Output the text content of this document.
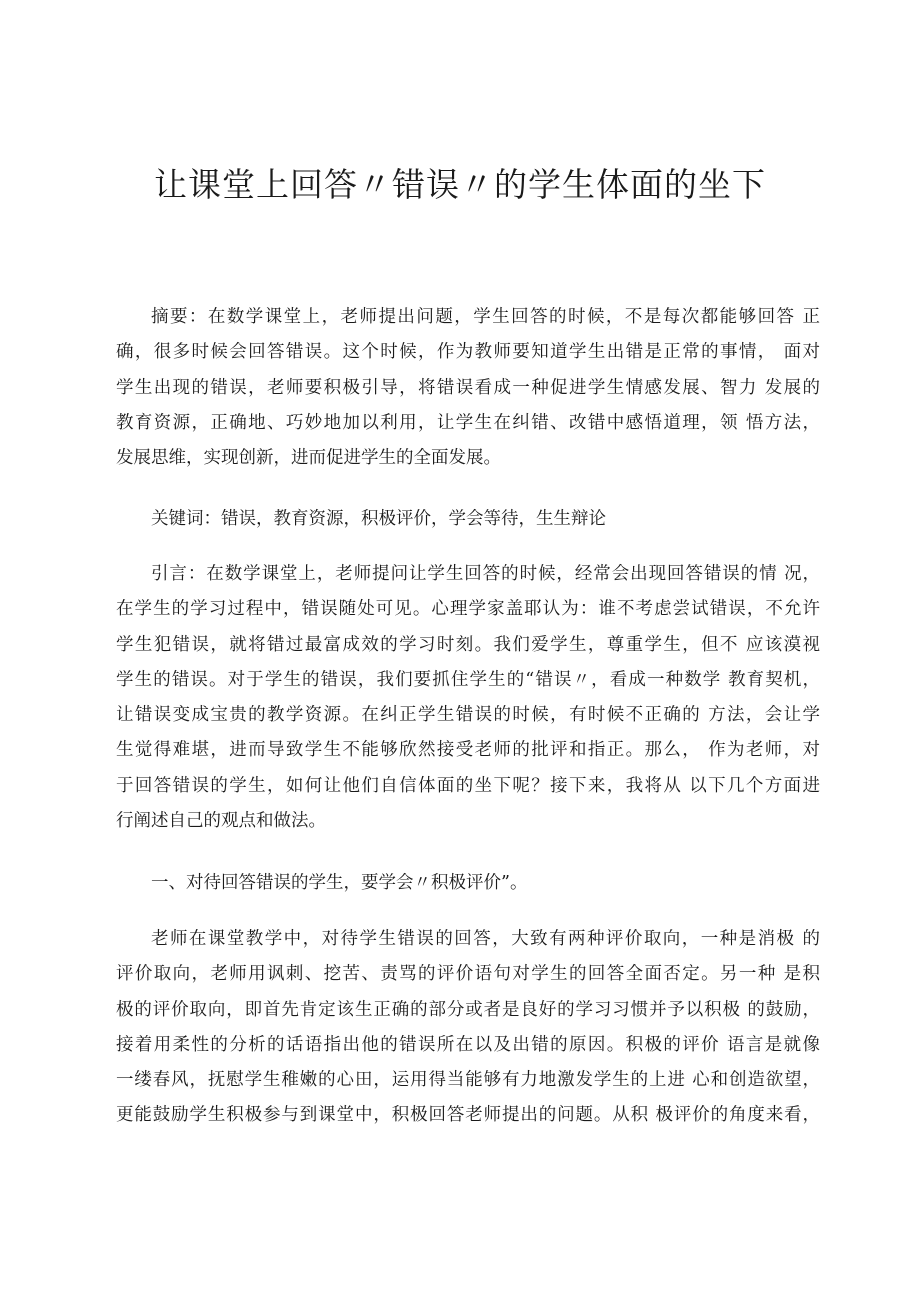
让课堂上回答〃错误〃的学生体面的坐下
摘要：在数学课堂上，老师提出问题，学生回答的时候，不是每次都能够回答 正
确，很多时候会回答错误。这个时候，作为教师要知道学生出错是正常的事情， 面对
学生出现的错误，老师要积极引导，将错误看成一种促进学生情感发展、智力 发展的
教育资源，正确地、巧妙地加以利用，让学生在纠错、改错中感悟道理，领 悟方法，
发展思维，实现创新，进而促进学生的全面发展。
关键词：错误，教育资源，积极评价，学会等待，生生辩论
引言：在数学课堂上，老师提问让学生回答的时候，经常会出现回答错误的情 况，
在学生的学习过程中，错误随处可见。心理学家盖耶认为：谁不考虑尝试错误，不允许
学生犯错误，就将错过最富成效的学习时刻。我们爱学生，尊重学生，但不 应该漠视
学生的错误。对于学生的错误，我们要抓住学生的“错误〃，看成一种数学 教育契机，
让错误变成宝贵的教学资源。在纠正学生错误的时候，有时候不正确的 方法，会让学
生觉得难堪，进而导致学生不能够欣然接受老师的批评和指正。那么， 作为老师，对
于回答错误的学生，如何让他们自信体面的坐下呢？接下来，我将从 以下几个方面进
行阐述自己的观点和做法。
一、对待回答错误的学生，要学会〃积极评价”。
老师在课堂教学中，对待学生错误的回答，大致有两种评价取向，一种是消极 的
评价取向，老师用讽刺、挖苦、责骂的评价语句对学生的回答全面否定。另一种 是积
极的评价取向，即首先肯定该生正确的部分或者是良好的学习习惯并予以积极 的鼓励，
接着用柔性的分析的话语指出他的错误所在以及出错的原因。积极的评价 语言是就像
一缕春风，抚慰学生稚嫩的心田，运用得当能够有力地激发学生的上进 心和创造欲望，
更能鼓励学生积极参与到课堂中，积极回答老师提出的问题。从积 极评价的角度来看，
